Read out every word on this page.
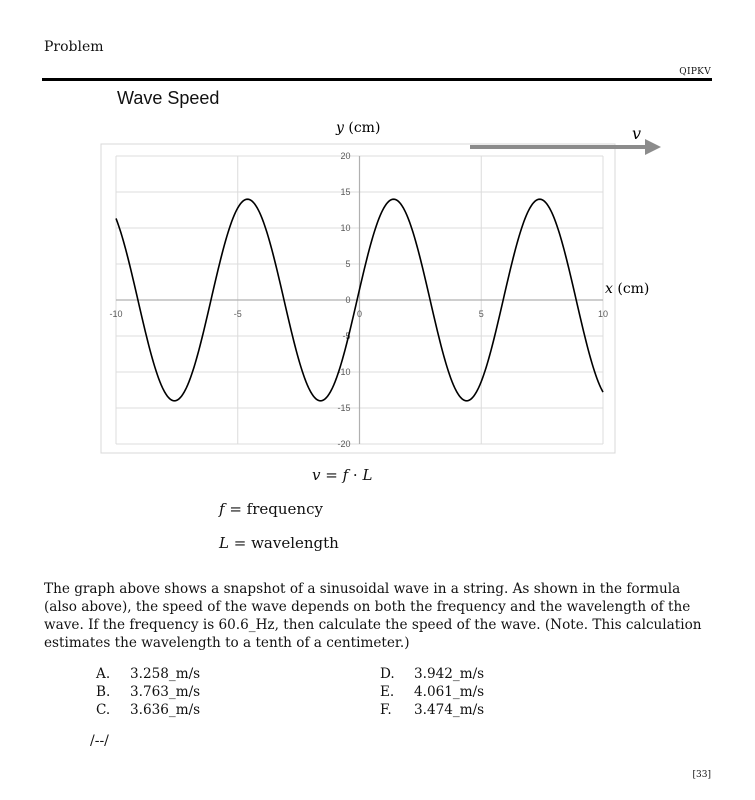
Problem
QIPKV
Wave Speed
-20
-15
-10
-5
0
5
10
15
20
-10	-5	0	5	10
v
y (cm)
x (cm)
v = f · L
f = frequency
L = wavelength
The graph above shows a snapshot of a sinusoidal wave in a string. As shown in the formula (also above), the speed of the wave depends on both the frequency and the wavelength of the wave. If the frequency is 60.6_Hz, then calculate the speed of the wave. (Note. This calculation estimates the wavelength to a tenth of a centimeter.)
A. 3.258_m/s
B. 3.763_m/s
C. 3.636_m/s
D. 3.942_m/s
E. 4.061_m/s
F. 3.474_m/s
/--/
[33]
